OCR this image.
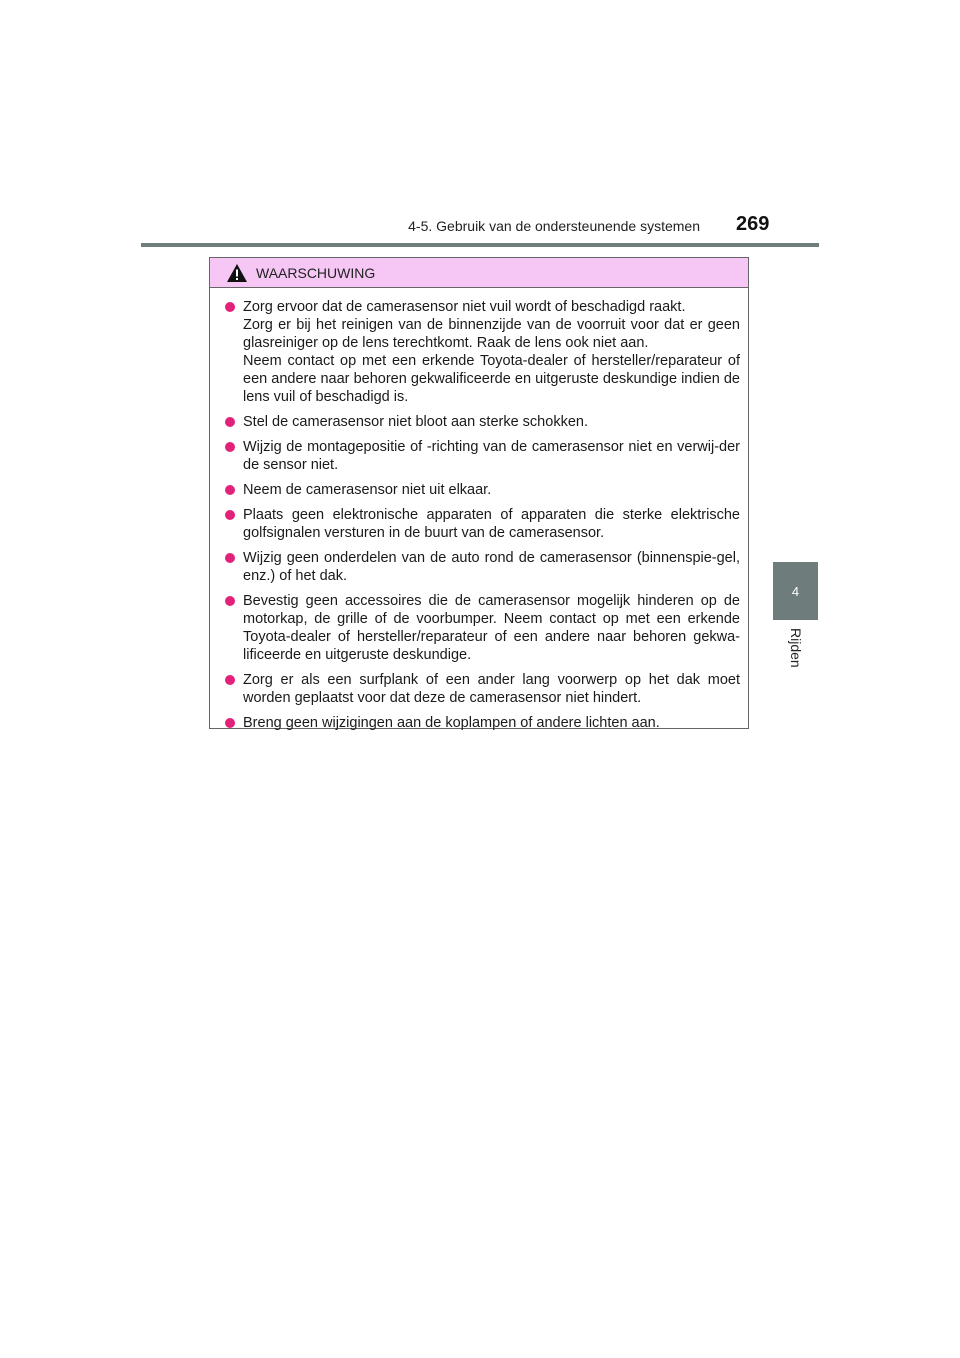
4-5. Gebruik van de ondersteunende systemen 269
4
Rijden
WAARSCHUWING
Zorg ervoor dat de camerasensor niet vuil wordt of beschadigd raakt.
Zorg er bij het reinigen van de binnenzijde van de voorruit voor dat er geen glasreiniger op de lens terechtkomt. Raak de lens ook niet aan.
Neem contact op met een erkende Toyota-dealer of hersteller/reparateur of een andere naar behoren gekwalificeerde en uitgeruste deskundige indien de lens vuil of beschadigd is.
Stel de camerasensor niet bloot aan sterke schokken.
Wijzig de montagepositie of -richting van de camerasensor niet en verwij-der de sensor niet.
Neem de camerasensor niet uit elkaar.
Plaats geen elektronische apparaten of apparaten die sterke elektrische golfsignalen versturen in de buurt van de camerasensor.
Wijzig geen onderdelen van de auto rond de camerasensor (binnenspie-gel, enz.) of het dak.
Bevestig geen accessoires die de camerasensor mogelijk hinderen op de motorkap, de grille of de voorbumper. Neem contact op met een erkende Toyota-dealer of hersteller/reparateur of een andere naar behoren gekwa-lificeerde en uitgeruste deskundige.
Zorg er als een surfplank of een ander lang voorwerp op het dak moet worden geplaatst voor dat deze de camerasensor niet hindert.
Breng geen wijzigingen aan de koplampen of andere lichten aan.
